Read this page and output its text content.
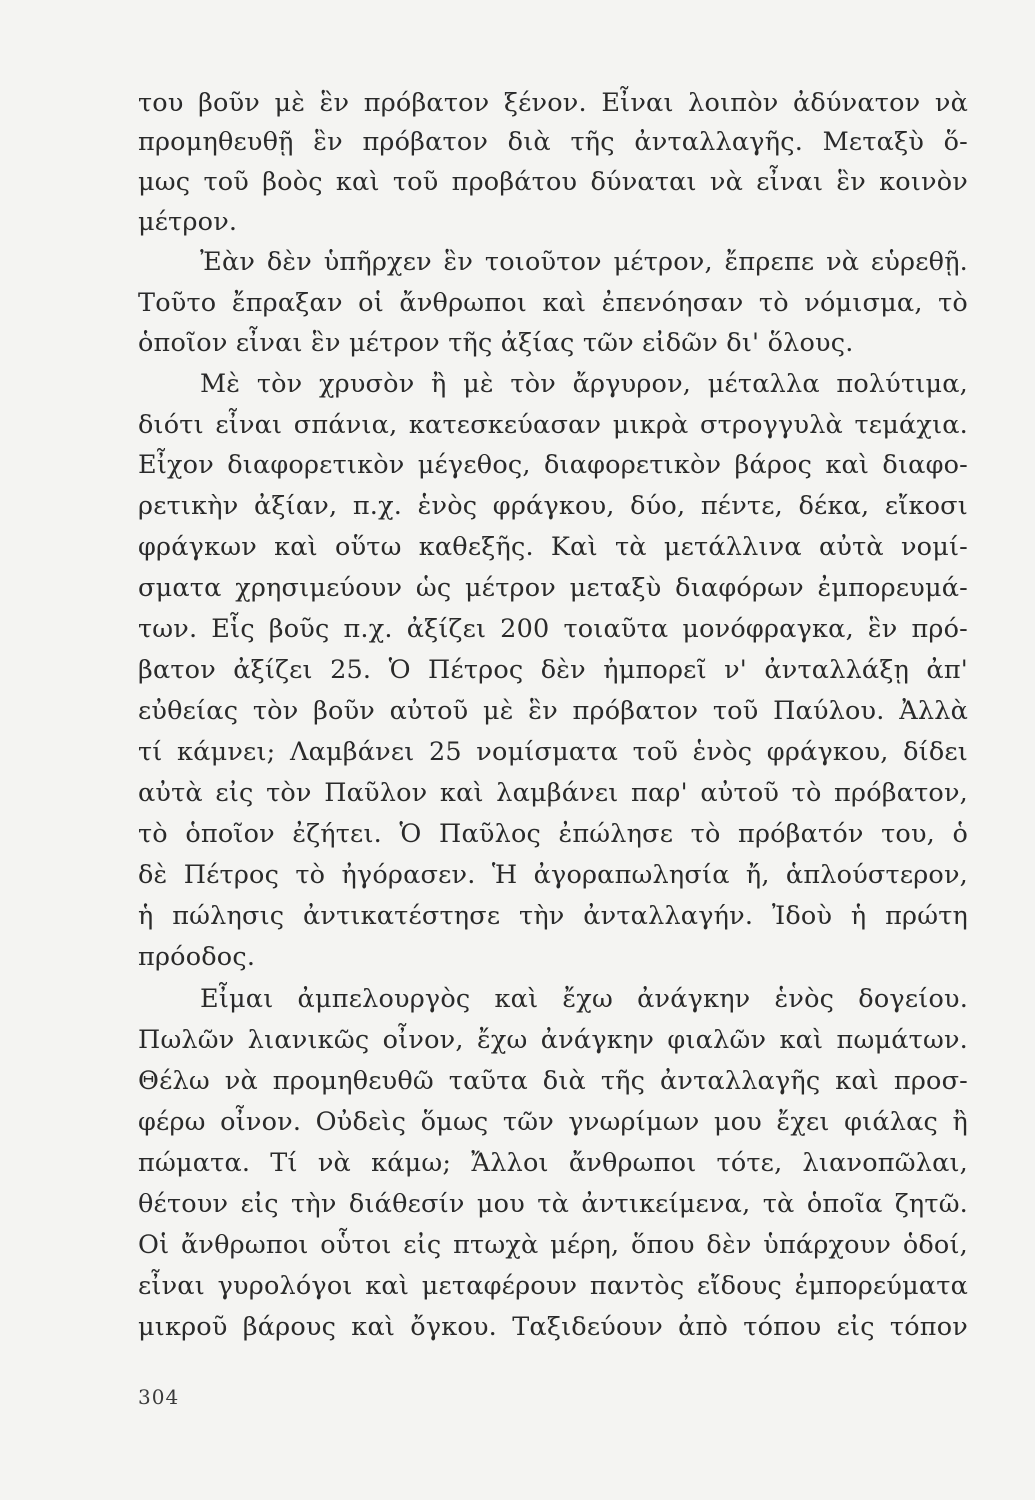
του βοῦν μὲ ἓν πρόβατον ξένον. Εἶναι λοιπὸν ἀδύνατον νὰ
προμηθευθῇ ἓν πρόβατον διὰ τῆς ἀνταλλαγῆς. Μεταξὺ ὅ-
μως τοῦ βοὸς καὶ τοῦ προβάτου δύναται νὰ εἶναι ἓν κοινὸν
μέτρον.
Ἐὰν δὲν ὑπῆρχεν ἓν τοιοῦτον μέτρον, ἔπρεπε νὰ εὑρεθῇ.
Τοῦτο ἔπραξαν οἱ ἄνθρωποι καὶ ἐπενόησαν τὸ νόμισμα, τὸ
ὁποῖον εἶναι ἓν μέτρον τῆς ἀξίας τῶν εἰδῶν δι' ὅλους.
Μὲ τὸν χρυσὸν ἢ μὲ τὸν ἄργυρον, μέταλλα πολύτιμα,
διότι εἶναι σπάνια, κατεσκεύασαν μικρὰ στρογγυλὰ τεμάχια.
Εἶχον διαφορετικὸν μέγεθος, διαφορετικὸν βάρος καὶ διαφο-
ρετικὴν ἀξίαν, π.χ. ἑνὸς φράγκου, δύο, πέντε, δέκα, εἴκοσι
φράγκων καὶ οὕτω καθεξῆς. Καὶ τὰ μετάλλινα αὐτὰ νομί-
σματα χρησιμεύουν ὡς μέτρον μεταξὺ διαφόρων ἐμπορευμά-
των. Εἷς βοῦς π.χ. ἀξίζει 200 τοιαῦτα μονόφραγκα, ἓν πρό-
βατον ἀξίζει 25. Ὁ Πέτρος δὲν ἠμπορεῖ ν' ἀνταλλάξῃ ἀπ'
εὐθείας τὸν βοῦν αὐτοῦ μὲ ἓν πρόβατον τοῦ Παύλου. Ἀλλὰ
τί κάμνει; Λαμβάνει 25 νομίσματα τοῦ ἑνὸς φράγκου, δίδει
αὐτὰ εἰς τὸν Παῦλον καὶ λαμβάνει παρ' αὐτοῦ τὸ πρόβατον,
τὸ ὁποῖον ἐζήτει. Ὁ Παῦλος ἐπώλησε τὸ πρόβατόν του, ὁ
δὲ Πέτρος τὸ ἠγόρασεν. Ἡ ἀγοραπωλησία ἤ, ἁπλούστερον,
ἡ πώλησις ἀντικατέστησε τὴν ἀνταλλαγήν. Ἰδοὺ ἡ πρώτη
πρόοδος.
Εἶμαι ἀμπελουργὸς καὶ ἔχω ἀνάγκην ἑνὸς δογείου.
Πωλῶν λιανικῶς οἶνον, ἔχω ἀνάγκην φιαλῶν καὶ πωμάτων.
Θέλω νὰ προμηθευθῶ ταῦτα διὰ τῆς ἀνταλλαγῆς καὶ προσ-
φέρω οἶνον. Οὐδεὶς ὅμως τῶν γνωρίμων μου ἔχει φιάλας ἢ
πώματα. Τί νὰ κάμω; Ἄλλοι ἄνθρωποι τότε, λιανοπῶλαι,
θέτουν εἰς τὴν διάθεσίν μου τὰ ἀντικείμενα, τὰ ὁποῖα ζητῶ.
Οἱ ἄνθρωποι οὗτοι εἰς πτωχὰ μέρη, ὅπου δὲν ὑπάρχουν ὁδοί,
εἶναι γυρολόγοι καὶ μεταφέρουν παντὸς εἴδους ἐμπορεύματα
μικροῦ βάρους καὶ ὄγκου. Ταξιδεύουν ἀπὸ τόπου εἰς τόπον
304
